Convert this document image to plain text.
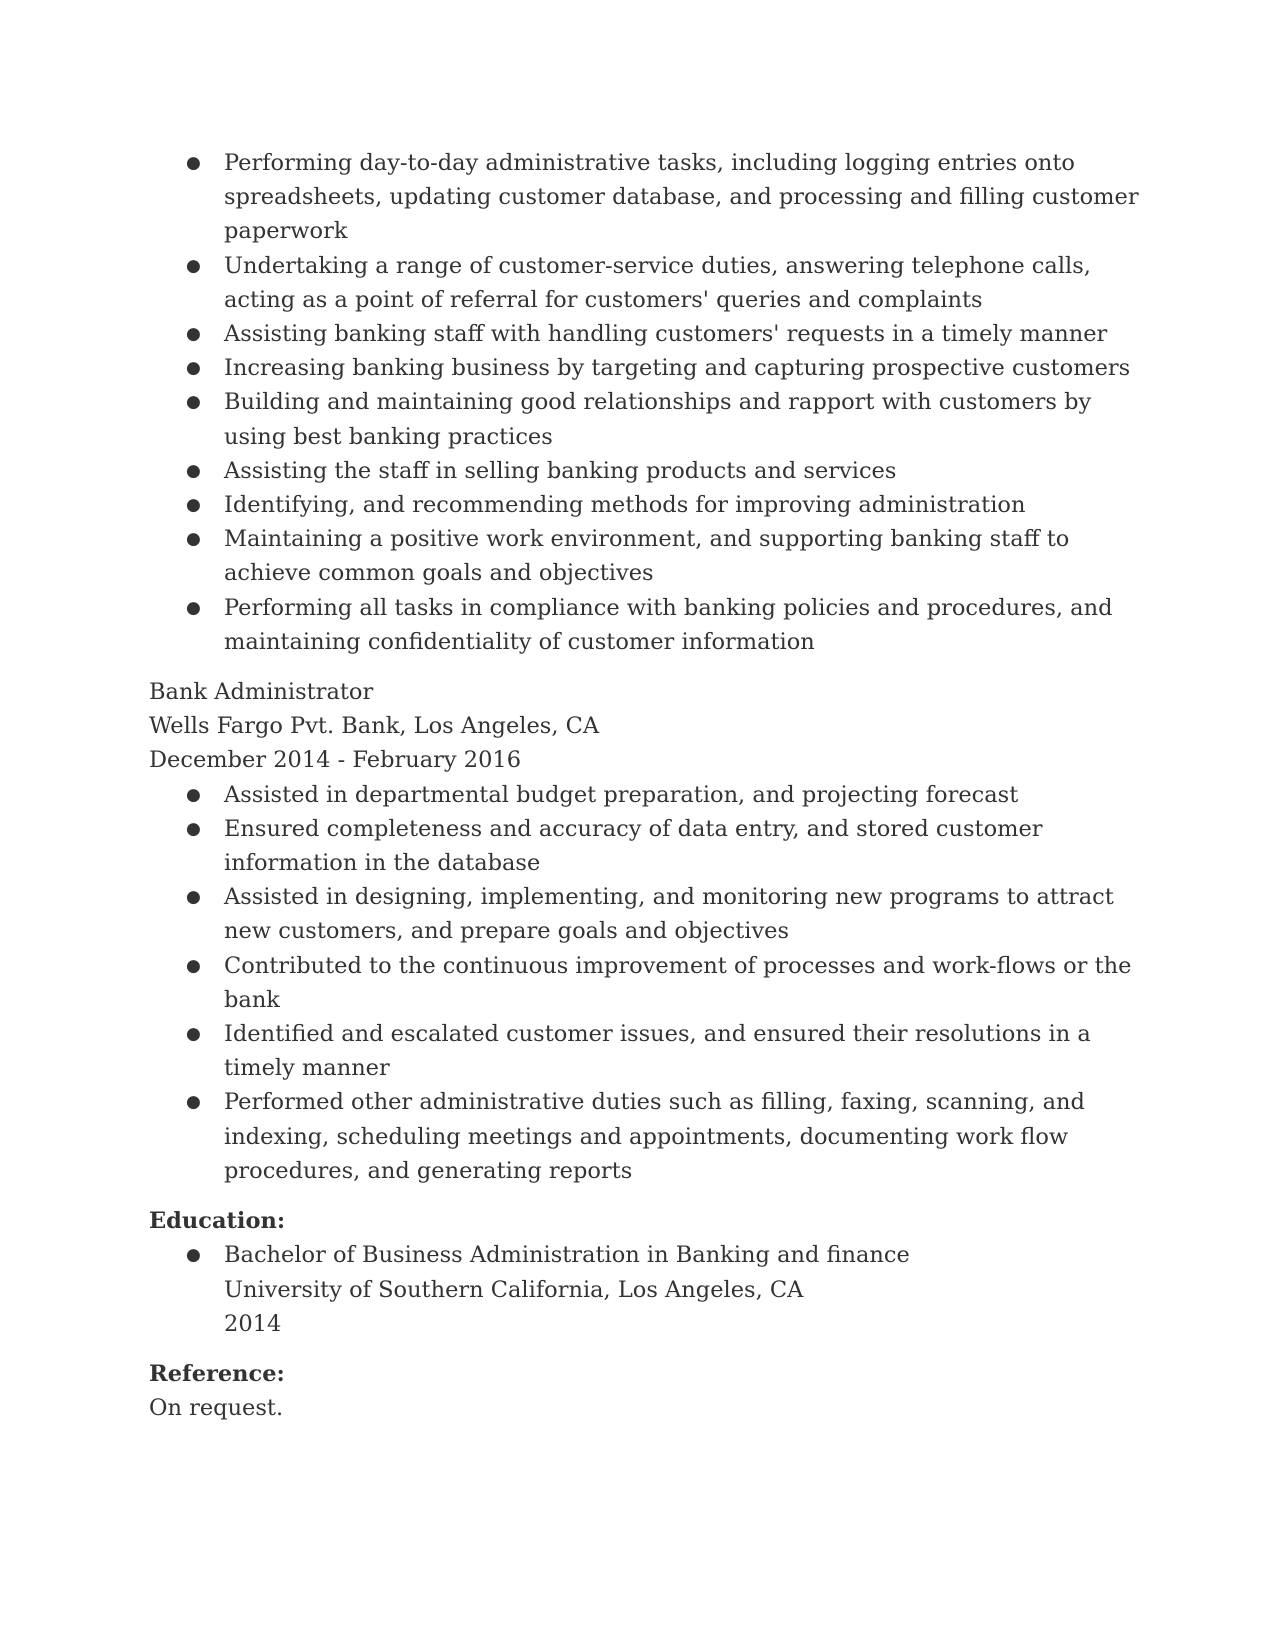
● Performing day-to-day administrative tasks, including logging entries onto spreadsheets, updating customer database, and processing and filling customer paperwork
● Undertaking a range of customer-service duties, answering telephone calls, acting as a point of referral for customers' queries and complaints
● Assisting banking staff with handling customers' requests in a timely manner
● Increasing banking business by targeting and capturing prospective customers
● Building and maintaining good relationships and rapport with customers by using best banking practices
● Assisting the staff in selling banking products and services
● Identifying, and recommending methods for improving administration
● Maintaining a positive work environment, and supporting banking staff to achieve common goals and objectives
● Performing all tasks in compliance with banking policies and procedures, and maintaining confidentiality of customer information
Bank Administrator
Wells Fargo Pvt. Bank, Los Angeles, CA
December 2014 - February 2016
● Assisted in departmental budget preparation, and projecting forecast
● Ensured completeness and accuracy of data entry, and stored customer information in the database
● Assisted in designing, implementing, and monitoring new programs to attract new customers, and prepare goals and objectives
● Contributed to the continuous improvement of processes and work-flows or the bank
● Identified and escalated customer issues, and ensured their resolutions in a timely manner
● Performed other administrative duties such as filling, faxing, scanning, and indexing, scheduling meetings and appointments, documenting work flow procedures, and generating reports
Education:
● Bachelor of Business Administration in Banking and finance
University of Southern California, Los Angeles, CA
2014
Reference:
On request.
